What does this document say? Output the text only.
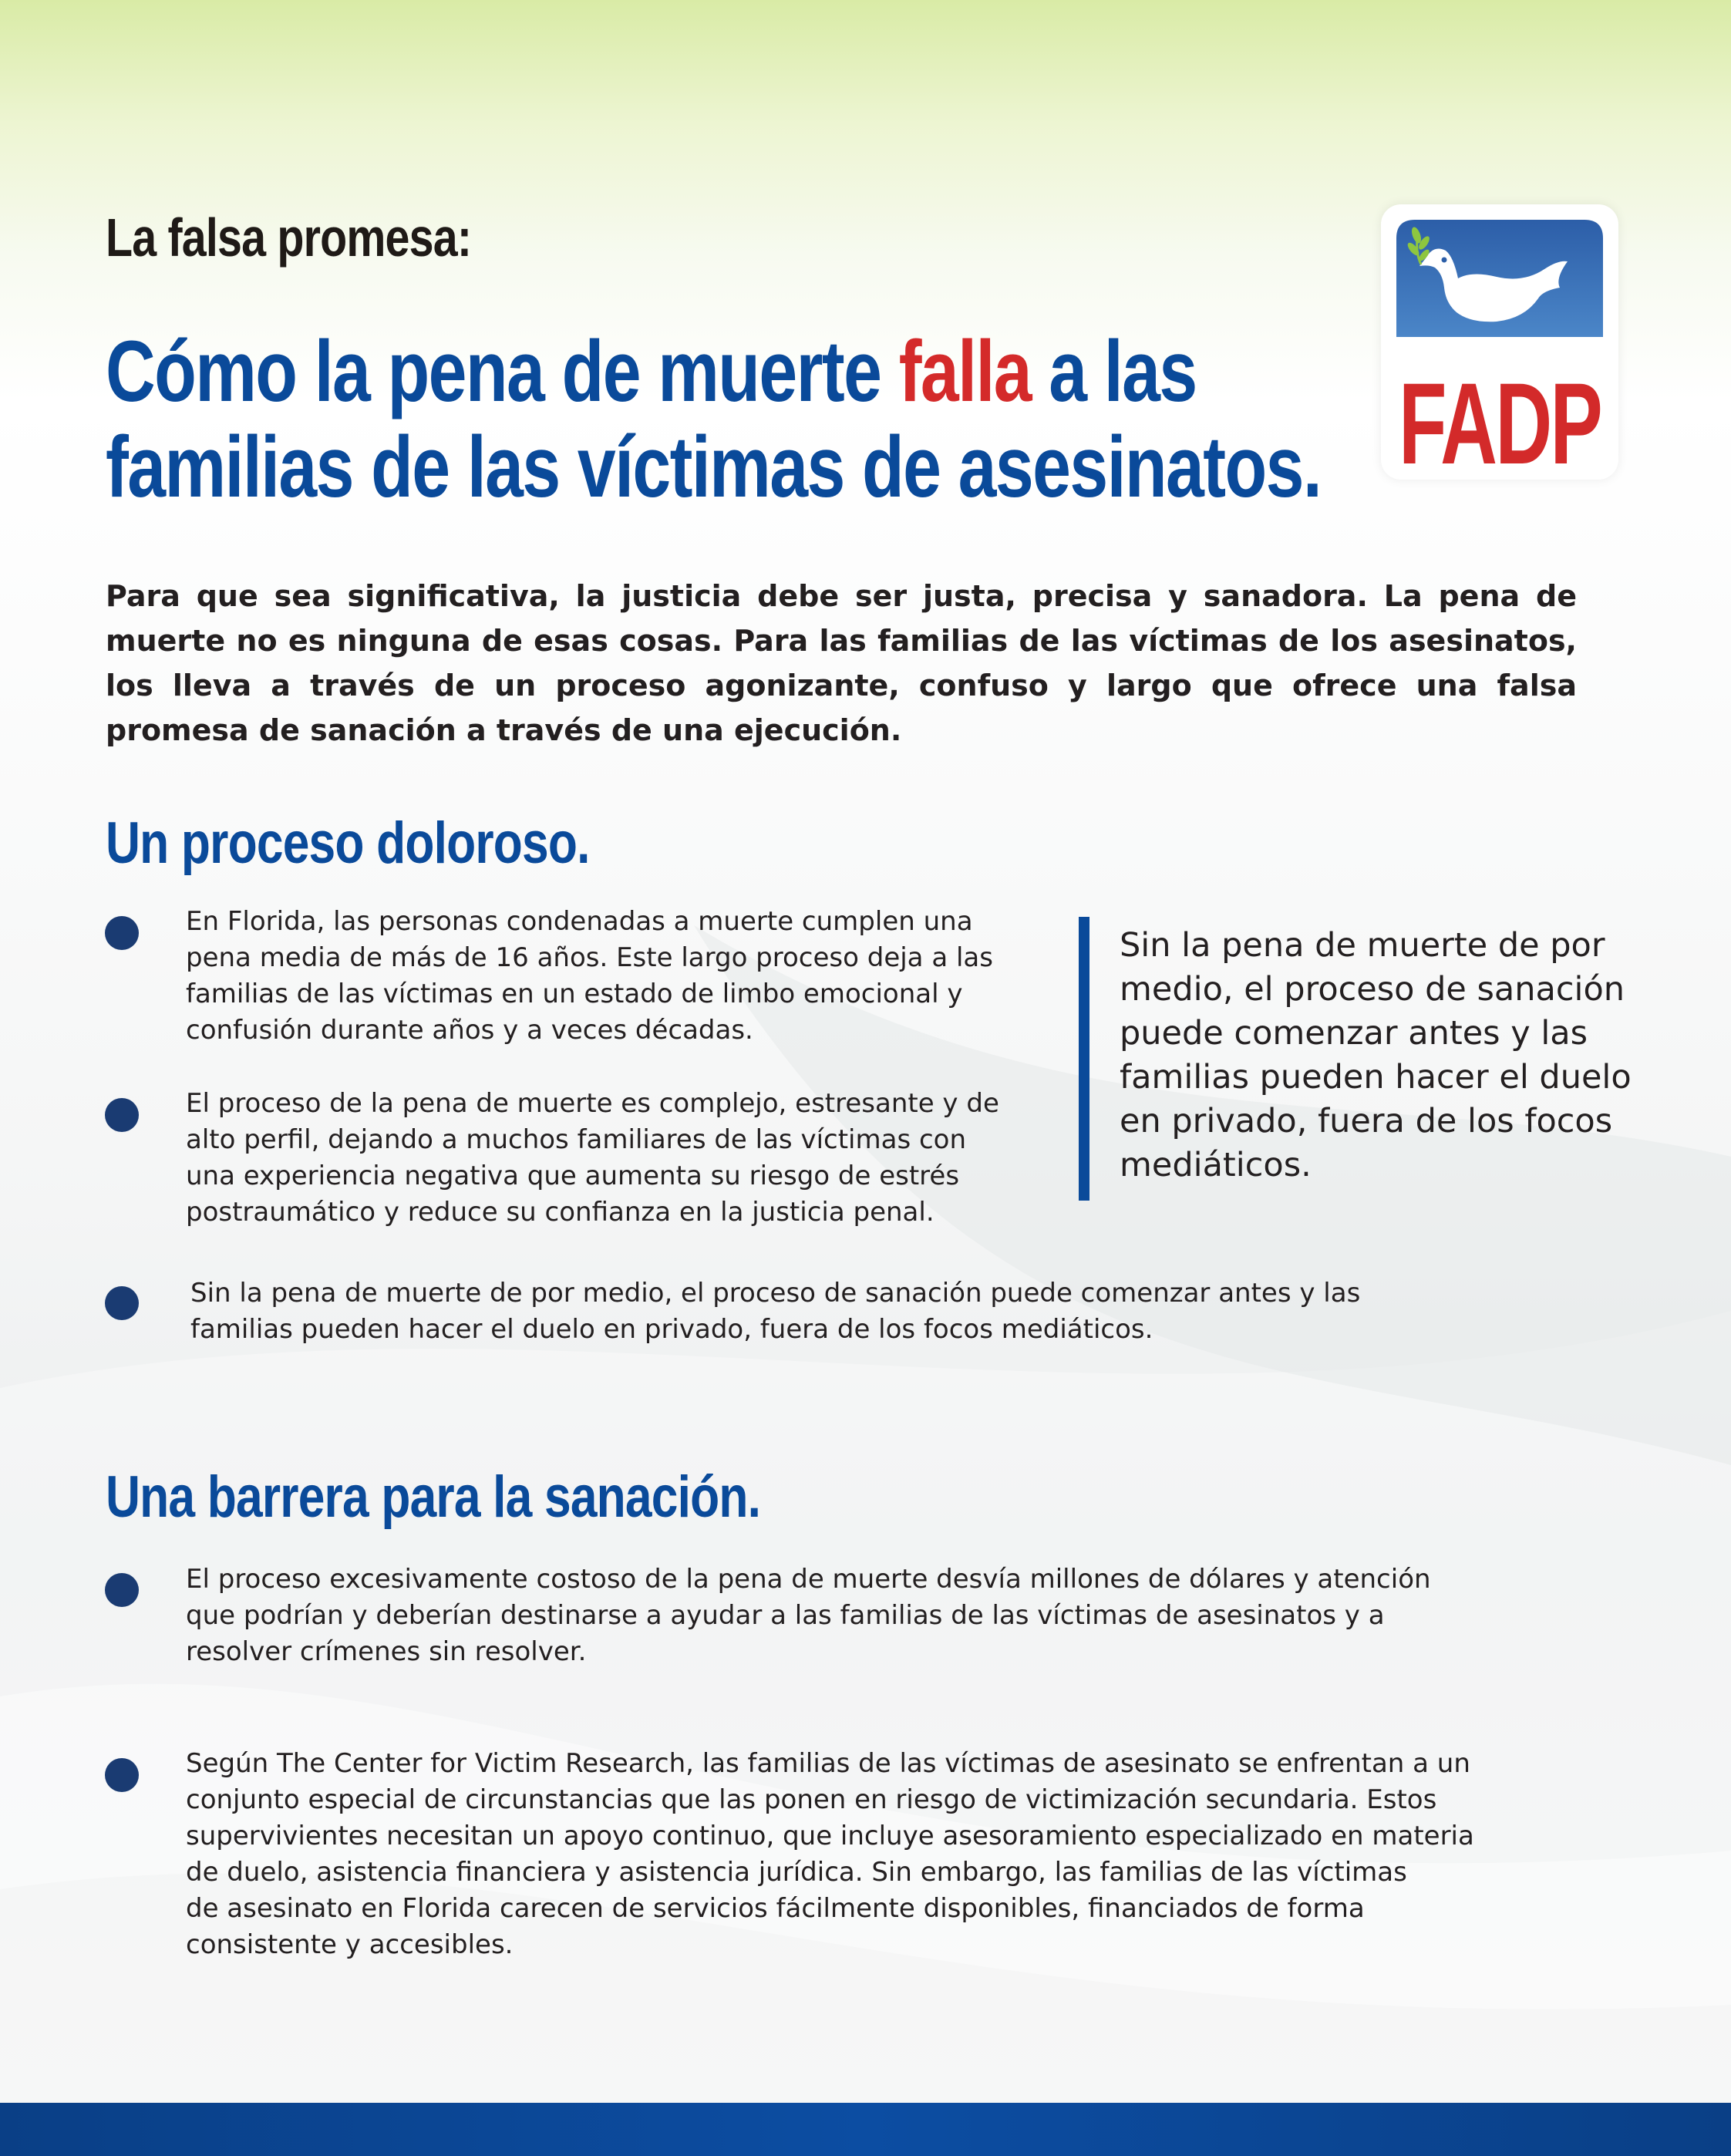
La falsa promesa:
Cómo la pena de muerte falla a las
familias de las víctimas de asesinatos. FADP

Para que sea significativa, la justicia debe ser justa, precisa y sanadora. La pena de muerte no es ninguna de esas cosas. Para las familias de las víctimas de los asesinatos, los lleva a través de un proceso agonizante, confuso y largo que ofrece una falsa promesa de sanación a través de una ejecución.

Un proceso doloroso.

En Florida, las personas condenadas a muerte cumplen una
pena media de más de 16 años. Este largo proceso deja a las
familias de las víctimas en un estado de limbo emocional y
confusión durante años y a veces décadas.

El proceso de la pena de muerte es complejo, estresante y de
alto perfil, dejando a muchos familiares de las víctimas con
una experiencia negativa que aumenta su riesgo de estrés
postraumático y reduce su confianza en la justicia penal.

Sin la pena de muerte de por medio, el proceso de sanación puede comenzar antes y las
familias pueden hacer el duelo en privado, fuera de los focos mediáticos.

Sin la pena de muerte de por
medio, el proceso de sanación
puede comenzar antes y las
familias pueden hacer el duelo
en privado, fuera de los focos
mediáticos.

Una barrera para la sanación.

El proceso excesivamente costoso de la pena de muerte desvía millones de dólares y atención
que podrían y deberían destinarse a ayudar a las familias de las víctimas de asesinatos y a
resolver crímenes sin resolver.

Según The Center for Victim Research, las familias de las víctimas de asesinato se enfrentan a un
conjunto especial de circunstancias que las ponen en riesgo de victimización secundaria. Estos
supervivientes necesitan un apoyo continuo, que incluye asesoramiento especializado en materia
de duelo, asistencia financiera y asistencia jurídica. Sin embargo, las familias de las víctimas
de asesinato en Florida carecen de servicios fácilmente disponibles, financiados de forma
consistente y accesibles.
